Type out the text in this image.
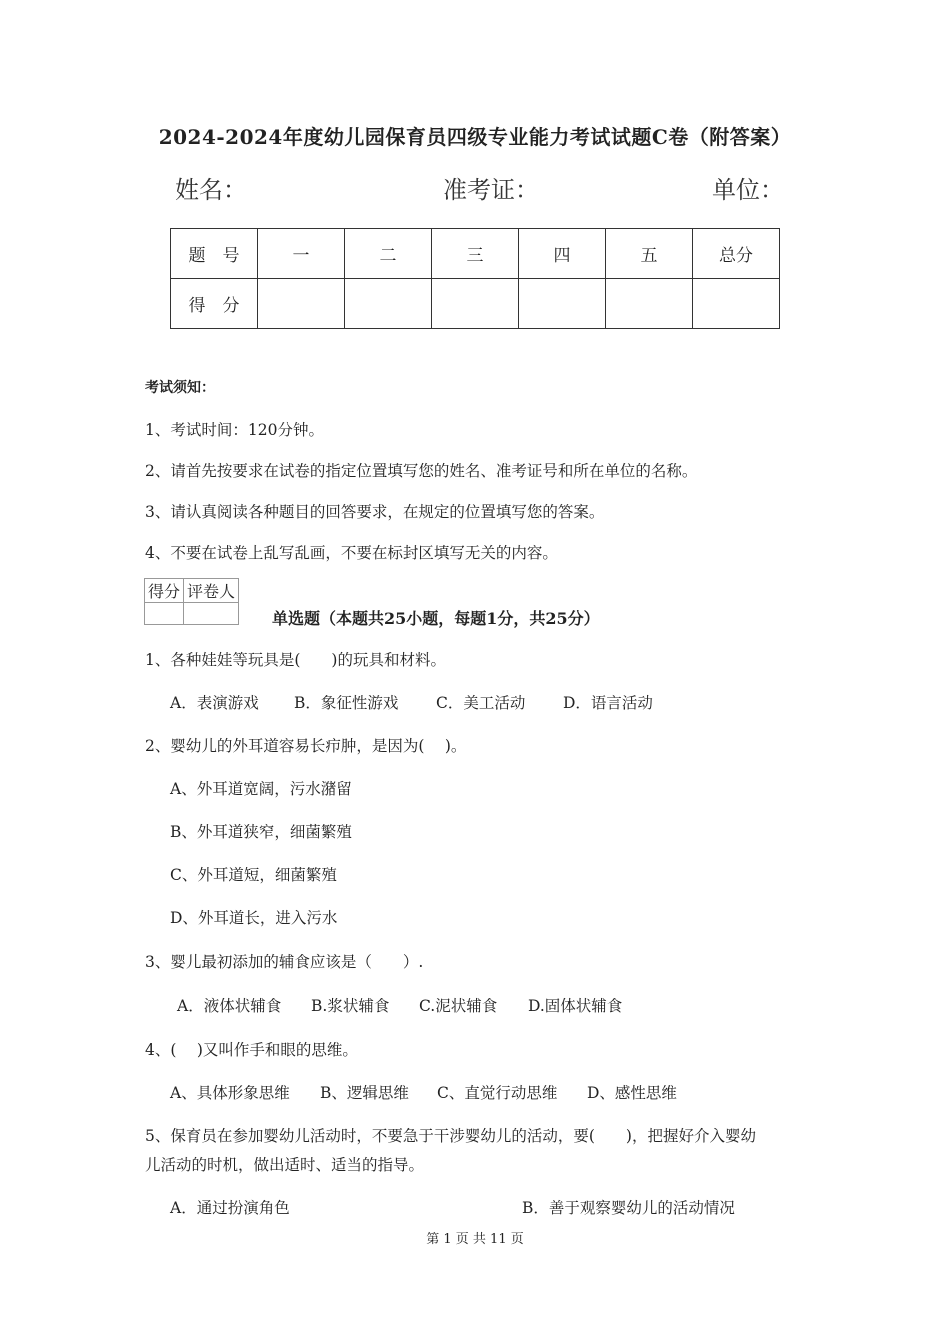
2024-2024年度幼儿园保育员四级专业能力考试试题C卷（附答案）
姓名：	准考证：	单位：
题　号	一	二	三	四	五	总分
得　分						
考试须知：
1、考试时间：120分钟。
2、请首先按要求在试卷的指定位置填写您的姓名、准考证号和所在单位的名称。
3、请认真阅读各种题目的回答要求，在规定的位置填写您的答案。
4、不要在试卷上乱写乱画，不要在标封区填写无关的内容。
得分	评卷人

单选题（本题共25小题，每题1分，共25分）
1、各种娃娃等玩具是(　　)的玩具和材料。
A．表演游戏 B．象征性游戏 C．美工活动 D．语言活动
2、婴幼儿的外耳道容易长疖肿，是因为(　 )。
A、外耳道宽阔，污水潴留
B、外耳道狭窄，细菌繁殖
C、外耳道短，细菌繁殖
D、外耳道长，进入污水
3、婴儿最初添加的辅食应该是（　　）.
A．液体状辅食 B.浆状辅食 C.泥状辅食 D.固体状辅食
4、(　 )又叫作手和眼的思维。
A、具体形象思维 B、逻辑思维 C、直觉行动思维 D、感性思维
5、保育员在参加婴幼儿活动时，不要急于干涉婴幼儿的活动，要(　　)，把握好介入婴幼
儿活动的时机，做出适时、适当的指导。
A．通过扮演角色	B．善于观察婴幼儿的活动情况
第 1 页 共 11 页
